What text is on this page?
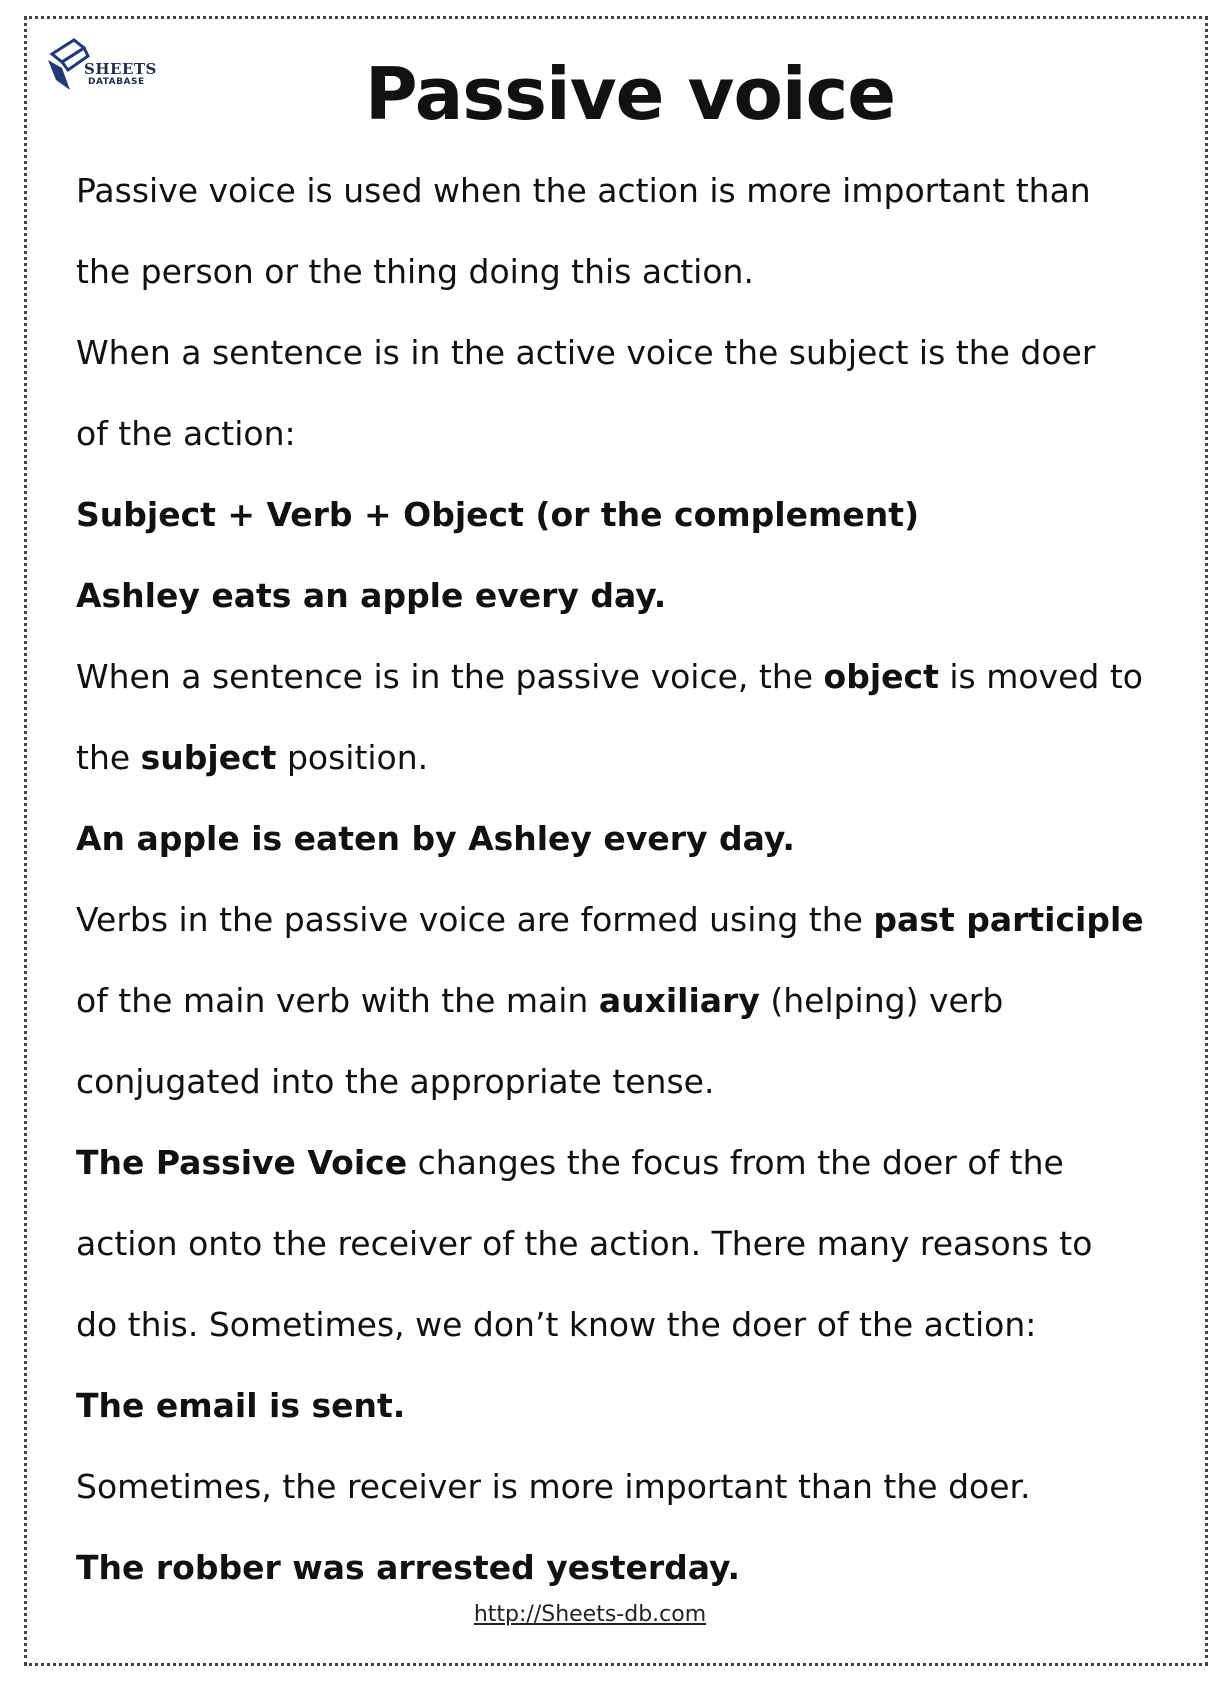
SHEETS
DATABASE	Passive voice
Passive voice is used when the action is more important than
the person or the thing doing this action.
When a sentence is in the active voice the subject is the doer
of the action:
Subject + Verb + Object (or the complement)
Ashley eats an apple every day.
When a sentence is in the passive voice, the object is moved to
the subject position.
An apple is eaten by Ashley every day.
Verbs in the passive voice are formed using the past participle
of the main verb with the main auxiliary (helping) verb
conjugated into the appropriate tense.
The Passive Voice changes the focus from the doer of the
action onto the receiver of the action. There many reasons to
do this. Sometimes, we don’t know the doer of the action:
The email is sent.
Sometimes, the receiver is more important than the doer.
The robber was arrested yesterday.
http://Sheets-db.com
